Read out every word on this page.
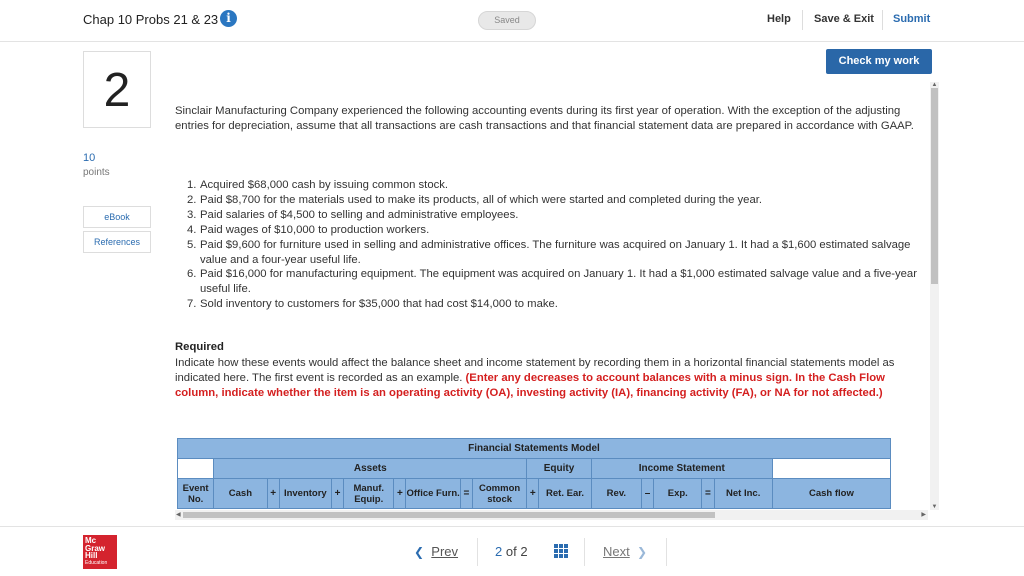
Chap 10 Probs 21 & 23 i	Saved	Help Save & Exit Submit
Check my work
2
10
points
eBook
References
Sinclair Manufacturing Company experienced the following accounting events during its first year of operation. With the exception of the adjusting entries for depreciation, assume that all transactions are cash transactions and that financial statement data are prepared in accordance with GAAP.
1. Acquired $68,000 cash by issuing common stock.
2. Paid $8,700 for the materials used to make its products, all of which were started and completed during the year.
3. Paid salaries of $4,500 to selling and administrative employees.
4. Paid wages of $10,000 to production workers.
5. Paid $9,600 for furniture used in selling and administrative offices. The furniture was acquired on January 1. It had a $1,600 estimated salvage value and a four-year useful life.
6. Paid $16,000 for manufacturing equipment. The equipment was acquired on January 1. It had a $1,000 estimated salvage value and a five-year useful life.
7. Sold inventory to customers for $35,000 that had cost $14,000 to make.
Required
Indicate how these events would affect the balance sheet and income statement by recording them in a horizontal financial statements model as indicated here. The first event is recorded as an example. (Enter any decreases to account balances with a minus sign. In the Cash Flow column, indicate whether the item is an operating activity (OA), investing activity (IA), financing activity (FA), or NA for not affected.)
Financial Statements Model																	
	Assets									Equity		Income Statement					
Event No.	Cash	+	Inventory	+	Manuf. Equip.	+	Office Furn.	=	Common stock	+	Ret. Ear.	Rev.	–	Exp.	=	Net Inc.	Cash flow
▲
▼
◀	▶
Mc
Graw
Hill
Education
❮ Prev	2 of 2	Next ❯
